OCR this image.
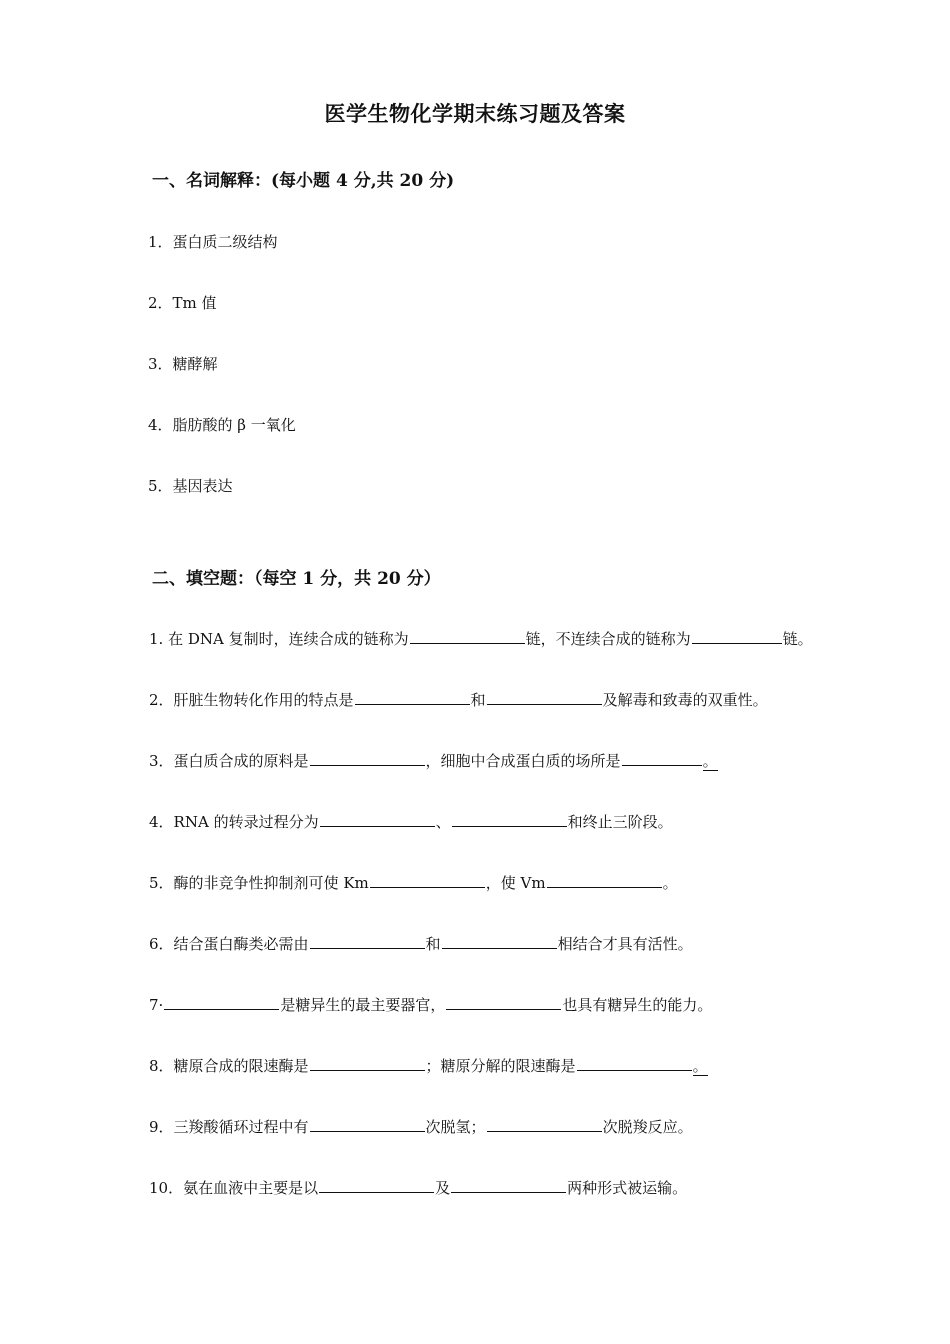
医学生物化学期末练习题及答案
一、名词解释：(每小题 4 分,共 20 分)
1．蛋白质二级结构
2．Tm 值
3．糖酵解
4．脂肪酸的 β 一氧化
5．基因表达
二、填空题：（每空 1 分，共 20 分）
1. 在 DNA 复制时，连续合成的链称为	链，不连续合成的链称为	链。
2．肝脏生物转化作用的特点是	和	及解毒和致毒的双重性。
3．蛋白质合成的原料是	，细胞中合成蛋白质的场所是	。
4．RNA 的转录过程分为	、	和终止三阶段。
5．酶的非竞争性抑制剂可使 Km	，使 Vm	。
6．结合蛋白酶类必需由	和	相结合才具有活性。
7·	是糖异生的最主要器官，	也具有糖异生的能力。
8．糖原合成的限速酶是	；糖原分解的限速酶是	。
9．三羧酸循环过程中有	次脱氢；	次脱羧反应。
10．氨在血液中主要是以	及	两种形式被运输。
